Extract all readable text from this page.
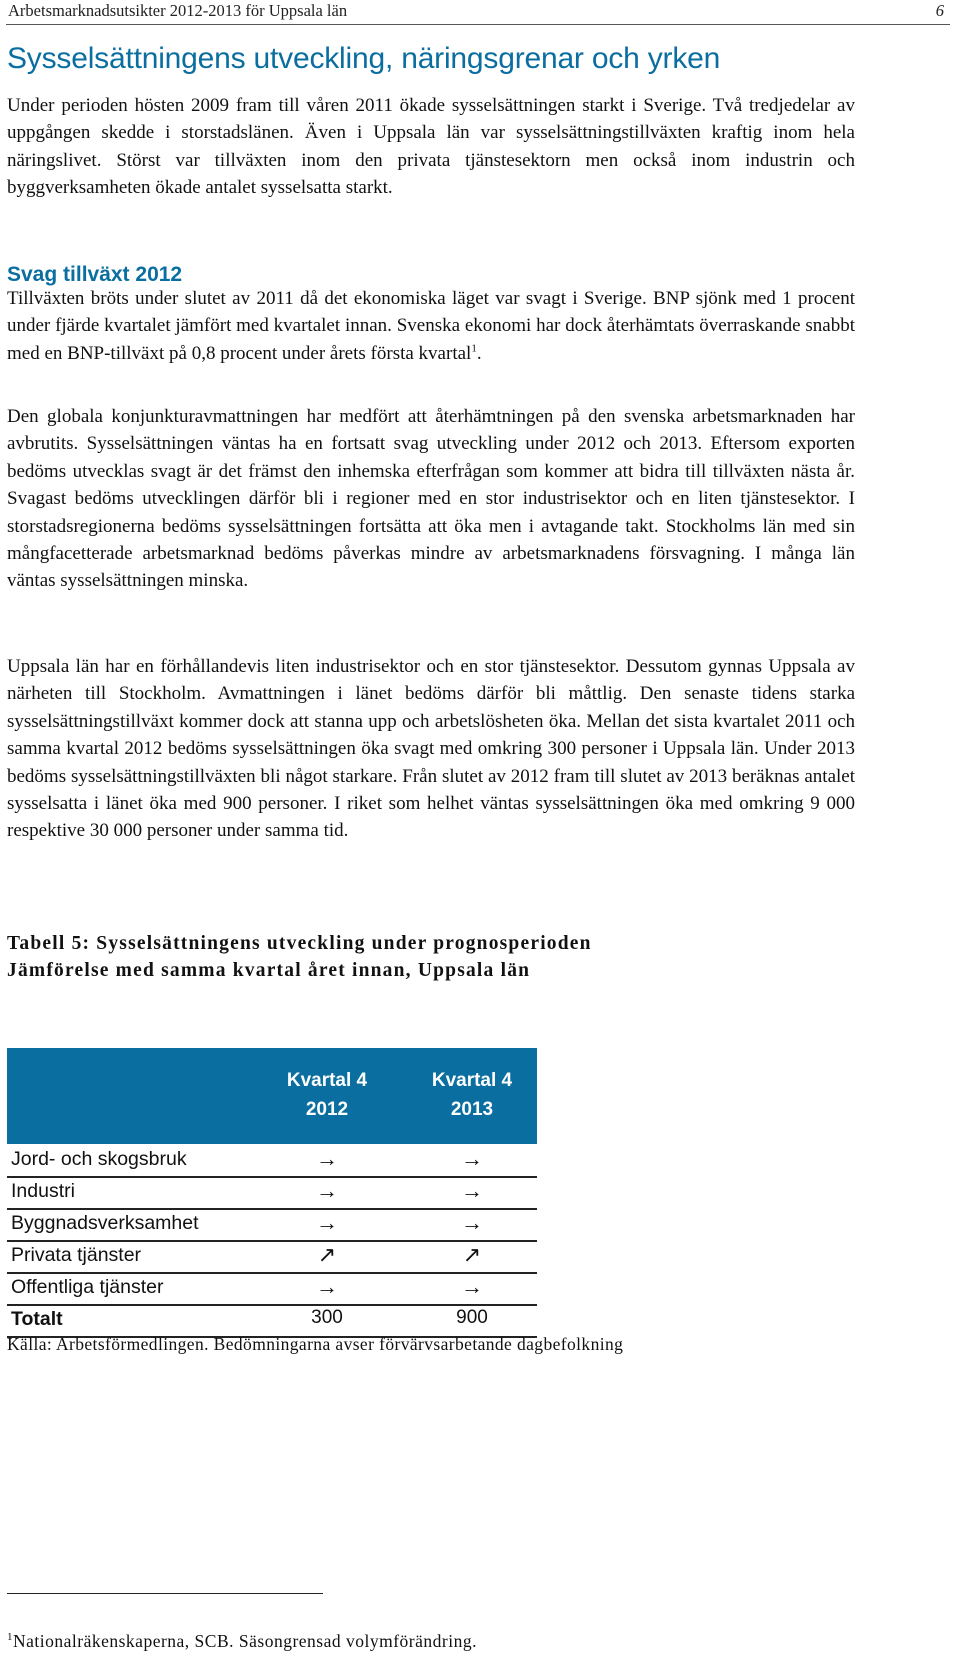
Arbetsmarknadsutsikter 2012-2013 för Uppsala län	6
Sysselsättningens utveckling, näringsgrenar och yrken

Under perioden hösten 2009 fram till våren 2011 ökade sysselsättningen starkt i Sverige. Två tredjedelar av uppgången skedde i storstadslänen. Även i Uppsala län var sysselsättningstillväxten kraftig inom hela näringslivet. Störst var tillväxten inom den privata tjänstesektorn men också inom industrin och byggverksamheten ökade antalet sysselsatta starkt.

Svag tillväxt 2012

Tillväxten bröts under slutet av 2011 då det ekonomiska läget var svagt i Sverige. BNP sjönk med 1 procent under fjärde kvartalet jämfört med kvartalet innan. Svenska ekonomi har dock återhämtats överraskande snabbt med en BNP-tillväxt på 0,8 procent under årets första kvartal$^1$.

Den globala konjunkturavmattningen har medfört att återhämtningen på den svenska arbetsmarknaden har avbrutits. Sysselsättningen väntas ha en fortsatt svag utveckling under 2012 och 2013. Eftersom exporten bedöms utvecklas svagt är det främst den inhemska efterfrågan som kommer att bidra till tillväxten nästa år. Svagast bedöms utvecklingen därför bli i regioner med en stor industrisektor och en liten tjänstesektor. I storstadsregionerna bedöms sysselsättningen fortsätta att öka men i avtagande takt. Stockholms län med sin mångfacetterade arbetsmarknad bedöms påverkas mindre av arbetsmarknadens försvagning. I många län väntas sysselsättningen minska.

Uppsala län har en förhållandevis liten industrisektor och en stor tjänstesektor. Dessutom gynnas Uppsala av närheten till Stockholm. Avmattningen i länet bedöms därför bli måttlig. Den senaste tidens starka sysselsättningstillväxt kommer dock att stanna upp och arbetslösheten öka. Mellan det sista kvartalet 2011 och samma kvartal 2012 bedöms sysselsättningen öka svagt med omkring 300 personer i Uppsala län. Under 2013 bedöms sysselsättningstillväxten bli något starkare. Från slutet av 2012 fram till slutet av 2013 beräknas antalet sysselsatta i länet öka med 900 personer. I riket som helhet väntas sysselsättningen öka med omkring 9 000 respektive 30 000 personer under samma tid.

Tabell 5: Sysselsättningens utveckling under prognosperioden
Jämförelse med samma kvartal året innan, Uppsala län
Kvartal 4
2012
Kvartal 4
2013
Jord- och skogsbruk	→	→
Industri	→	→
Byggnadsverksamhet	→	→
Privata tjänster	↗	↗
Offentliga tjänster	→	→
Totalt	300	900

Källa: Arbetsförmedlingen. Bedömningarna avser förvärvsarbetande dagbefolkning

$^1$Nationalräkenskaperna, SCB. Säsongrensad volymförändring.
